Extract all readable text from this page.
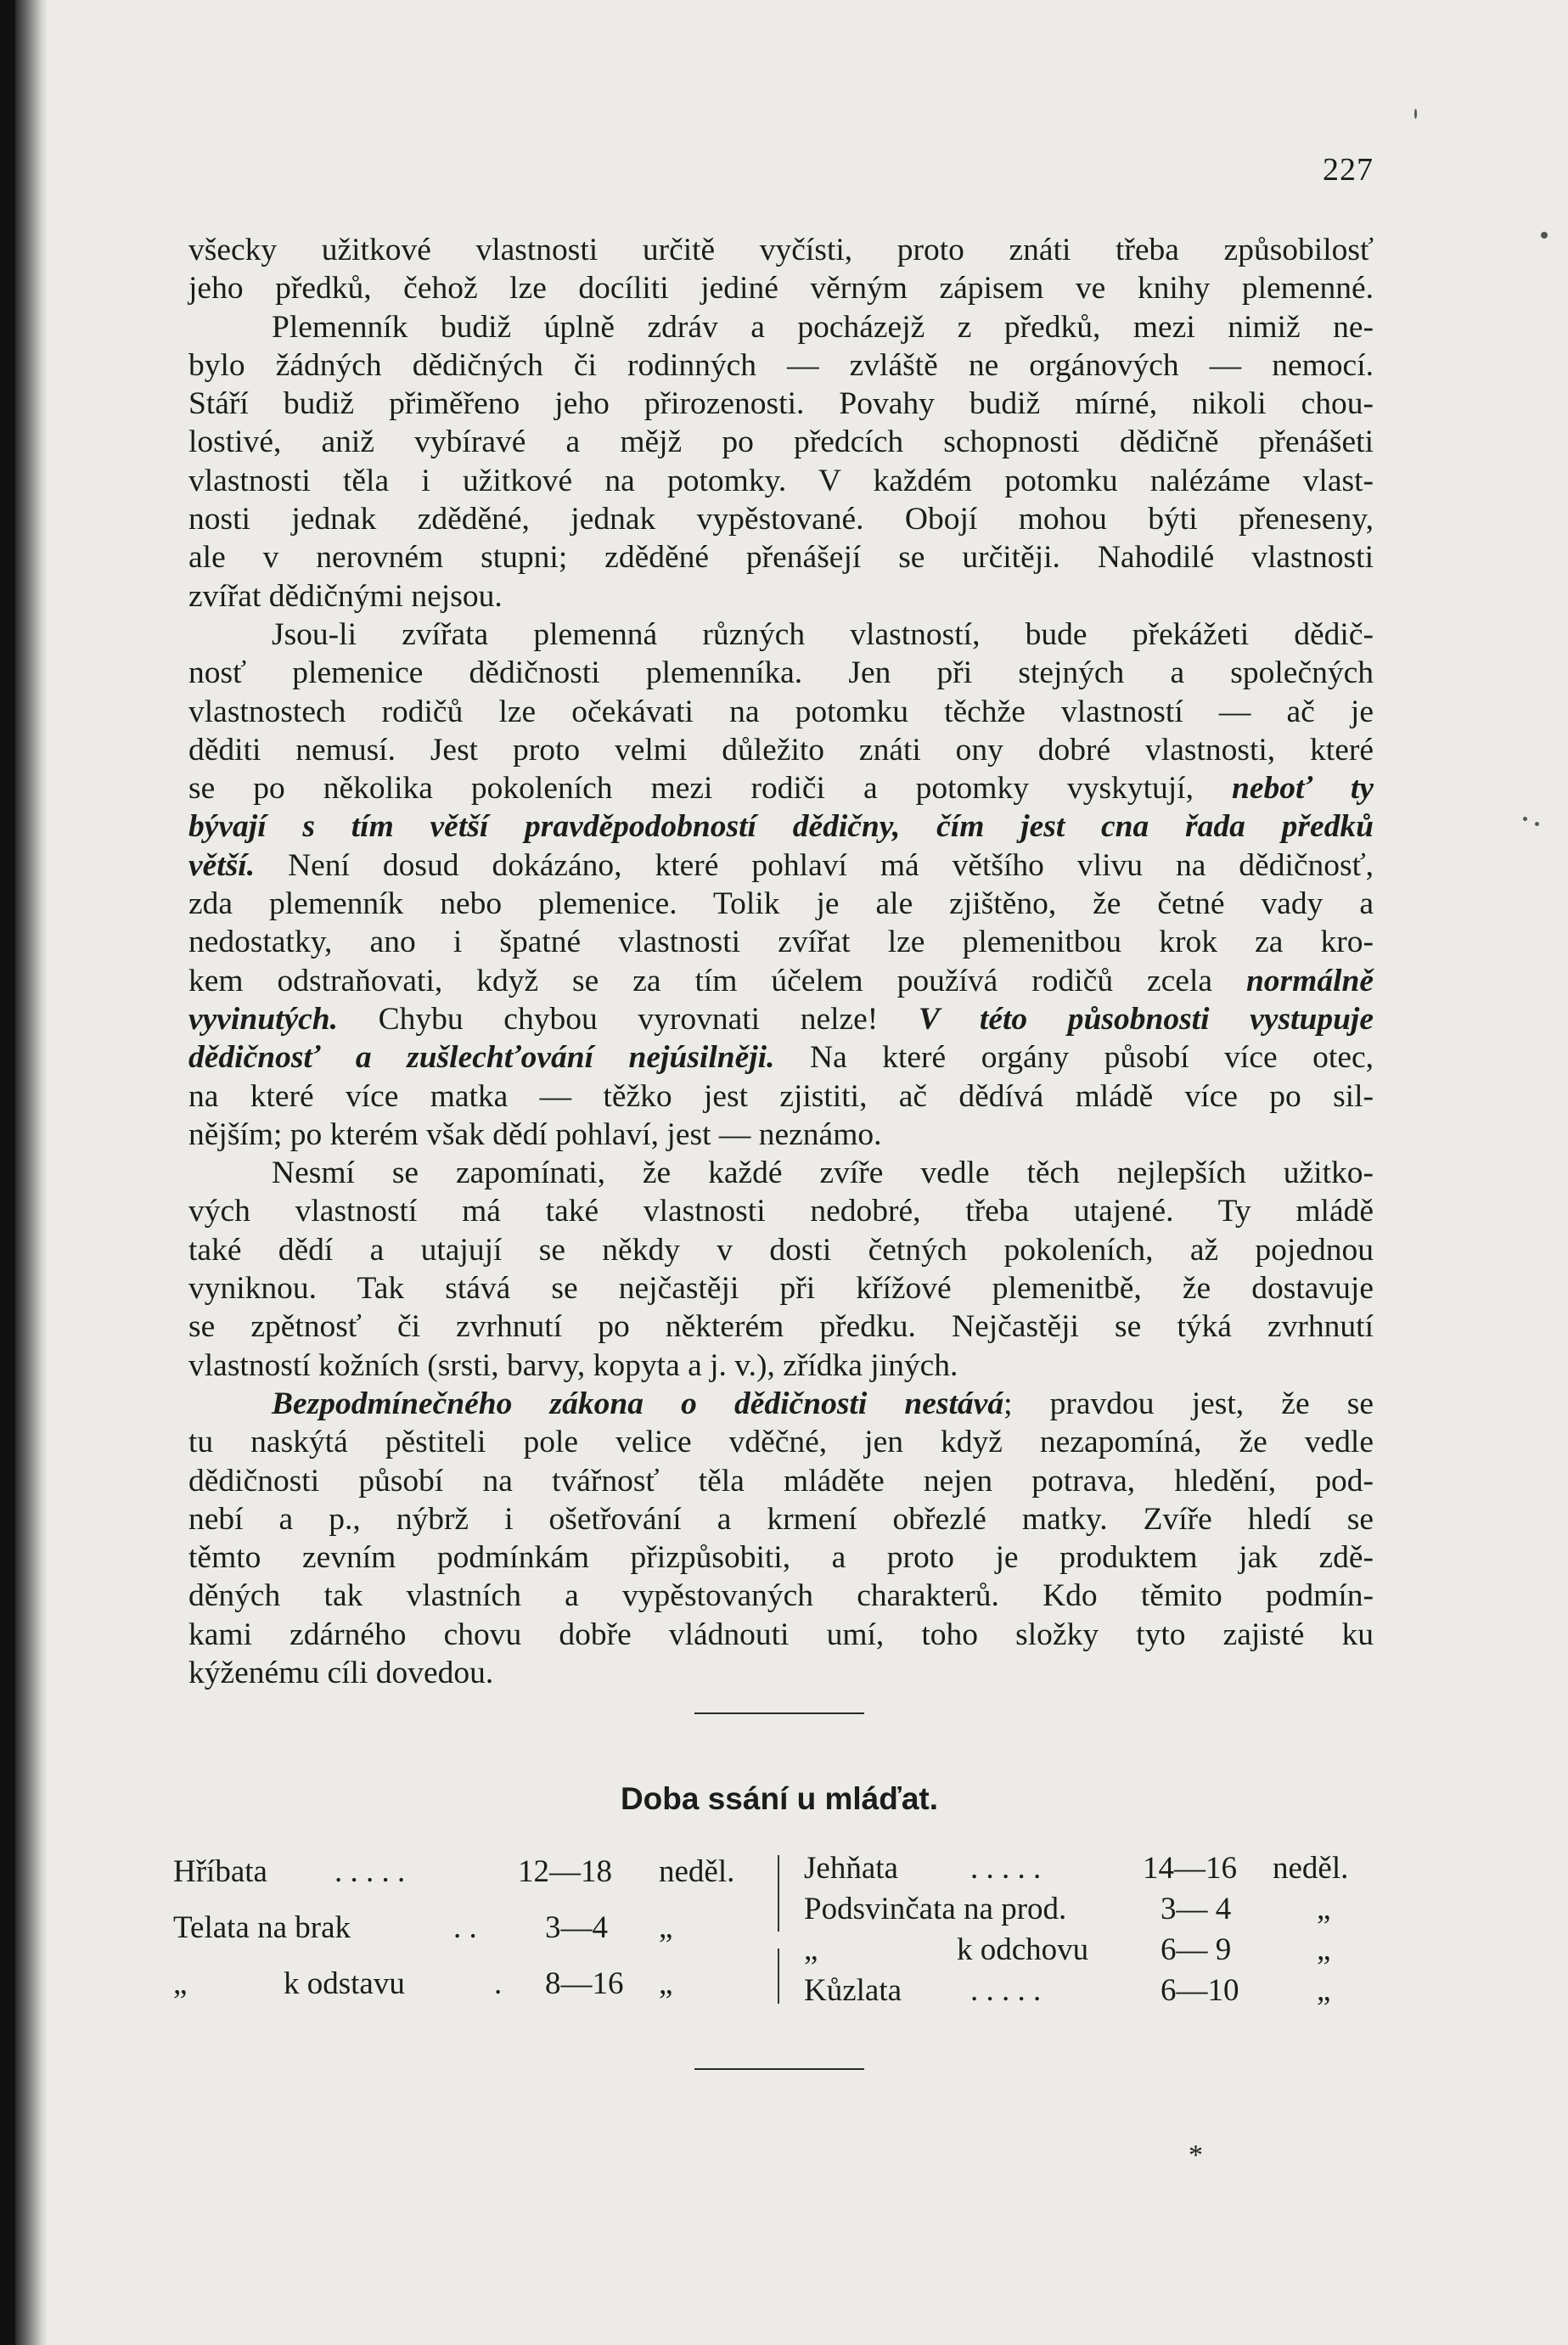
227
všecky užitkové vlastnosti určitě vyčísti, proto znáti třeba způsobilosť
jeho předků, čehož lze docíliti jediné věrným zápisem ve knihy plemenné.
Plemenník budiž úplně zdráv a pocházejž z předků, mezi nimiž ne-
bylo žádných dědičných či rodinných — zvláště ne orgánových — nemocí.
Stáří budiž přiměřeno jeho přirozenosti. Povahy budiž mírné, nikoli chou-
lostivé, aniž vybíravé a mějž po předcích schopnosti dědičně přenášeti
vlastnosti těla i užitkové na potomky. V každém potomku nalézáme vlast-
nosti jednak zděděné, jednak vypěstované. Obojí mohou býti přeneseny,
ale v nerovném stupni; zděděné přenášejí se určitěji. Nahodilé vlastnosti
zvířat dědičnými nejsou.
Jsou-li zvířata plemenná různých vlastností, bude překážeti dědič-
nosť plemenice dědičnosti plemenníka. Jen při stejných a společných
vlastnostech rodičů lze očekávati na potomku těchže vlastností — ač je
děditi nemusí. Jest proto velmi důležito znáti ony dobré vlastnosti, které
se po několika pokoleních mezi rodiči a potomky vyskytují, neboť ty
bývají s tím větší pravděpodobností dědičny, čím jest cna řada předků
větší. Není dosud dokázáno, které pohlaví má většího vlivu na dědičnosť,
zda plemenník nebo plemenice. Tolik je ale zjištěno, že četné vady a
nedostatky, ano i špatné vlastnosti zvířat lze plemenitbou krok za kro-
kem odstraňovati, když se za tím účelem používá rodičů zcela normálně
vyvinutých. Chybu chybou vyrovnati nelze! V této působnosti vystupuje
dědičnosť a zušlechťování nejúsilněji. Na které orgány působí více otec,
na které více matka — těžko jest zjistiti, ač dědívá mládě více po sil-
nějším; po kterém však dědí pohlaví, jest — neznámo.
Nesmí se zapomínati, že každé zvíře vedle těch nejlepších užitko-
vých vlastností má také vlastnosti nedobré, třeba utajené. Ty mládě
také dědí a utajují se někdy v dosti četných pokoleních, až pojednou
vyniknou. Tak stává se nejčastěji při křížové plemenitbě, že dostavuje
se zpětnosť či zvrhnutí po některém předku. Nejčastěji se týká zvrhnutí
vlastností kožních (srsti, barvy, kopyta a j. v.), zřídka jiných.
Bezpodmínečného zákona o dědičnosti nestává; pravdou jest, že se
tu naskýtá pěstiteli pole velice vděčné, jen když nezapomíná, že vedle
dědičnosti působí na tvářnosť těla mláděte nejen potrava, hledění, pod-
nebí a p., nýbrž i ošetřování a krmení obřezlé matky. Zvíře hledí se
těmto zevním podmínkám přizpůsobiti, a proto je produktem jak zdě-
děných tak vlastních a vypěstovaných charakterů. Kdo těmito podmín-
kami zdárného chovu dobře vládnouti umí, toho složky tyto zajisté ku
kýženému cíli dovedou.
Doba ssání u mláďat.
Hříbata . . . . .	12—18 neděl.
Telata na brak	. . 3—4 „
„	k odstavu	. 8—16 „
Jehňata . . . . .	14—16 neděl.
Podsvinčata na prod.	3— 4	„
„	k odchovu 6— 9	„
Kůzlata . . . . .	6—10 „
*
